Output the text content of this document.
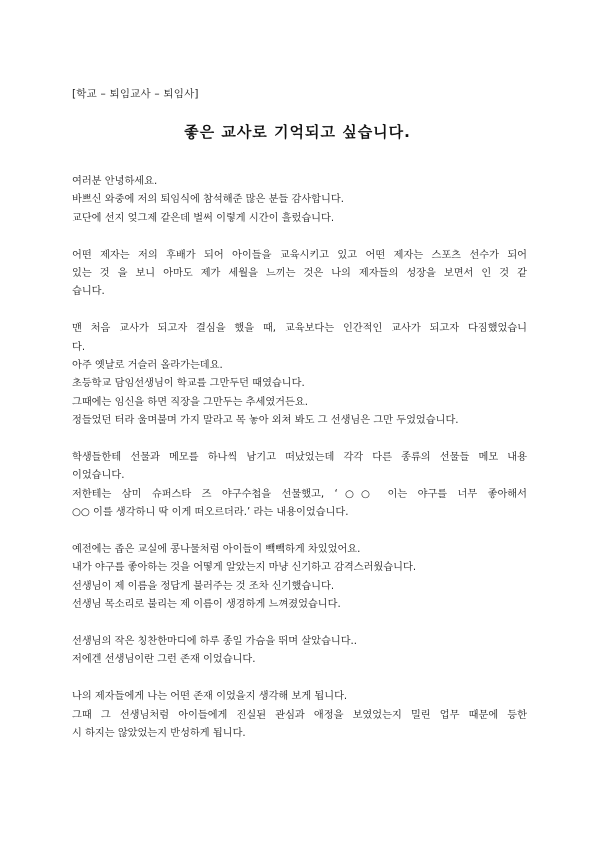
[학교 – 퇴임교사 – 퇴임사]
좋은 교사로 기억되고 싶습니다.
여러분 안녕하세요.
바쁘신 와중에 저의 퇴임식에 참석해준 많은 분들 감사합니다.
교단에 선지 엊그제 같은데 벌써 이렇게 시간이 흘렀습니다.
어떤 제자는 저의 후배가 되어 아이들을 교육시키고 있고 어떤 제자는 스포츠 선수가 되어
있는 것 을 보니 아마도 제가 세월을 느끼는 것은 나의 제자들의 성장을 보면서 인 것 같
습니다.
맨 처음 교사가 되고자 결심을 했을 때, 교육보다는 인간적인 교사가 되고자 다짐했었습니
다.
아주 옛날로 거슬러 올라가는데요.
초등학교 담임선생님이 학교를 그만두던 때였습니다.
그때에는 임신을 하면 직장을 그만두는 추세였거든요.
정들었던 터라 울며불며 가지 말라고 목 놓아 외쳐 봐도 그 선생님은 그만 두었었습니다.
학생들한테 선물과 메모를 하나씩 남기고 떠났었는데 각각 다른 종류의 선물들 메모 내용
이었습니다.
저한테는 삼미 슈퍼스타 즈 야구수첩을 선물했고, ‘○○ 이는 야구를 너무 좋아해서
○○ 이를 생각하니 딱 이게 떠오르더라.’ 라는 내용이었습니다.
예전에는 좁은 교실에 콩나물처럼 아이들이 빽빽하게 차있었어요.
내가 야구를 좋아하는 것을 어떻게 알았는지 마냥 신기하고 감격스러웠습니다.
선생님이 제 이름을 정답게 불러주는 것 조차 신기했습니다.
선생님 목소리로 불리는 제 이름이 생경하게 느껴졌었습니다.
선생님의 작은 칭찬한마디에 하루 종일 가슴을 뛰며 살았습니다..
저에겐 선생님이란 그런 존재 이었습니다.
나의 제자들에게 나는 어떤 존재 이었을지 생각해 보게 됩니다.
그때 그 선생님처럼 아이들에게 진실된 관심과 애정을 보였었는지 밀린 업무 때문에 등한
시 하지는 않았었는지 반성하게 됩니다.
